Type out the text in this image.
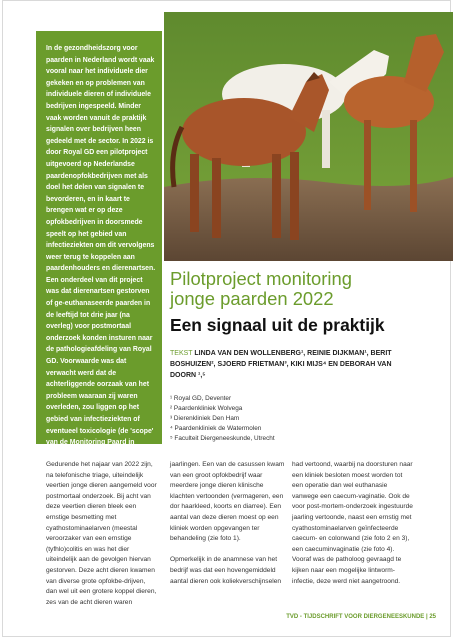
In de gezondheidszorg voor paarden in Nederland wordt vaak vooral naar het individuele dier gekeken en op problemen van individuele dieren of individuele bedrijven ingespeeld. Minder vaak worden vanuit de praktijk signalen over bedrijven heen gedeeld met de sector. In 2022 is door Royal GD een pilotproject uitgevoerd op Nederlandse paardenopfokbedrijven met als doel het delen van signalen te bevorderen, en in kaart te brengen wat er op deze opfokbedrijven in doorsmede speelt op het gebied van infectieziekten om dit vervolgens weer terug te koppelen aan paardenhouders en dierenartsen. Een onderdeel van dit project was dat dierenartsen gestorven of ge-euthanaseerde paarden in de leeftijd tot drie jaar (na overleg) voor postmortaal onderzoek konden insturen naar de pathologieafdeling van Royal GD. Voorwaarde was dat verwacht werd dat de achterliggende oorzaak van het probleem waaraan zij waren overleden, zou liggen op het gebied van infectieziekten of eventueel toxicologie (de 'scope' van de Monitoring Paard in Nederland).

Pilotproject monitoring
jonge paarden 2022
Een signaal uit de praktijk
TEKST LINDA VAN DEN WOLLENBERG¹, REINIE DIJKMAN¹, BERIT BOSHUIZEN², SJOERD FRIETMAN³, KIKI MIJS⁴ EN DEBORAH VAN DOORN ¹,⁵
¹ Royal GD, Deventer
² Paardenkliniek Wolvega
³ Dierenkliniek Den Ham
⁴ Paardenkliniek de Watermolen
⁵ Faculteit Diergeneeskunde, Utrecht

Gedurende het najaar van 2022 zijn, na telefonische triage, uiteindelijk veertien jonge dieren aangemeld voor postmortaal onderzoek. Bij acht van deze veertien dieren bleek een ernstige besmetting met cyathostominaelarven (meestal veroorzaker van een ernstige (tyfhlo)colitis en was het dier uiteindelijk aan de gevolgen hiervan gestorven. Deze acht dieren kwamen van diverse grote opfokbe-drijven, dan wel uit een grotere koppel dieren, zes van de acht dieren waren

jaarlingen. Een van de casussen kwam van een groot opfokbedrijf waar meerdere jonge dieren klinische klachten vertoonden (vermageren, een dor haarkleed, koorts en diarree). Een aantal van deze dieren moest op een kliniek worden opgevangen ter behandeling (zie foto 1).

Opmerkelijk in de anamnese van het bedrijf was dat een hovengemiddeld aantal dieren ook koliekverschijnselen

had vertoond, waarbij na doorsturen naar een kliniek besloten moest worden tot een operatie dan wel euthanasie vanwege een caecum-vaginatie. Ook de voor post-mortem-onderzoek ingestuurde jaarling vertoonde, naast een ernstig met cyathostominaelarven geïnfecteerde caecum- en colonwand (zie foto 2 en 3), een caecuminvaginatie (zie foto 4). Vooraf was de patholoog gevraagd te kijken naar een mogelijke lintworm-infectie, deze werd niet aangetroond.

TVD - TIJDSCHRIFT VOOR DIERGENEESKUNDE | 25
